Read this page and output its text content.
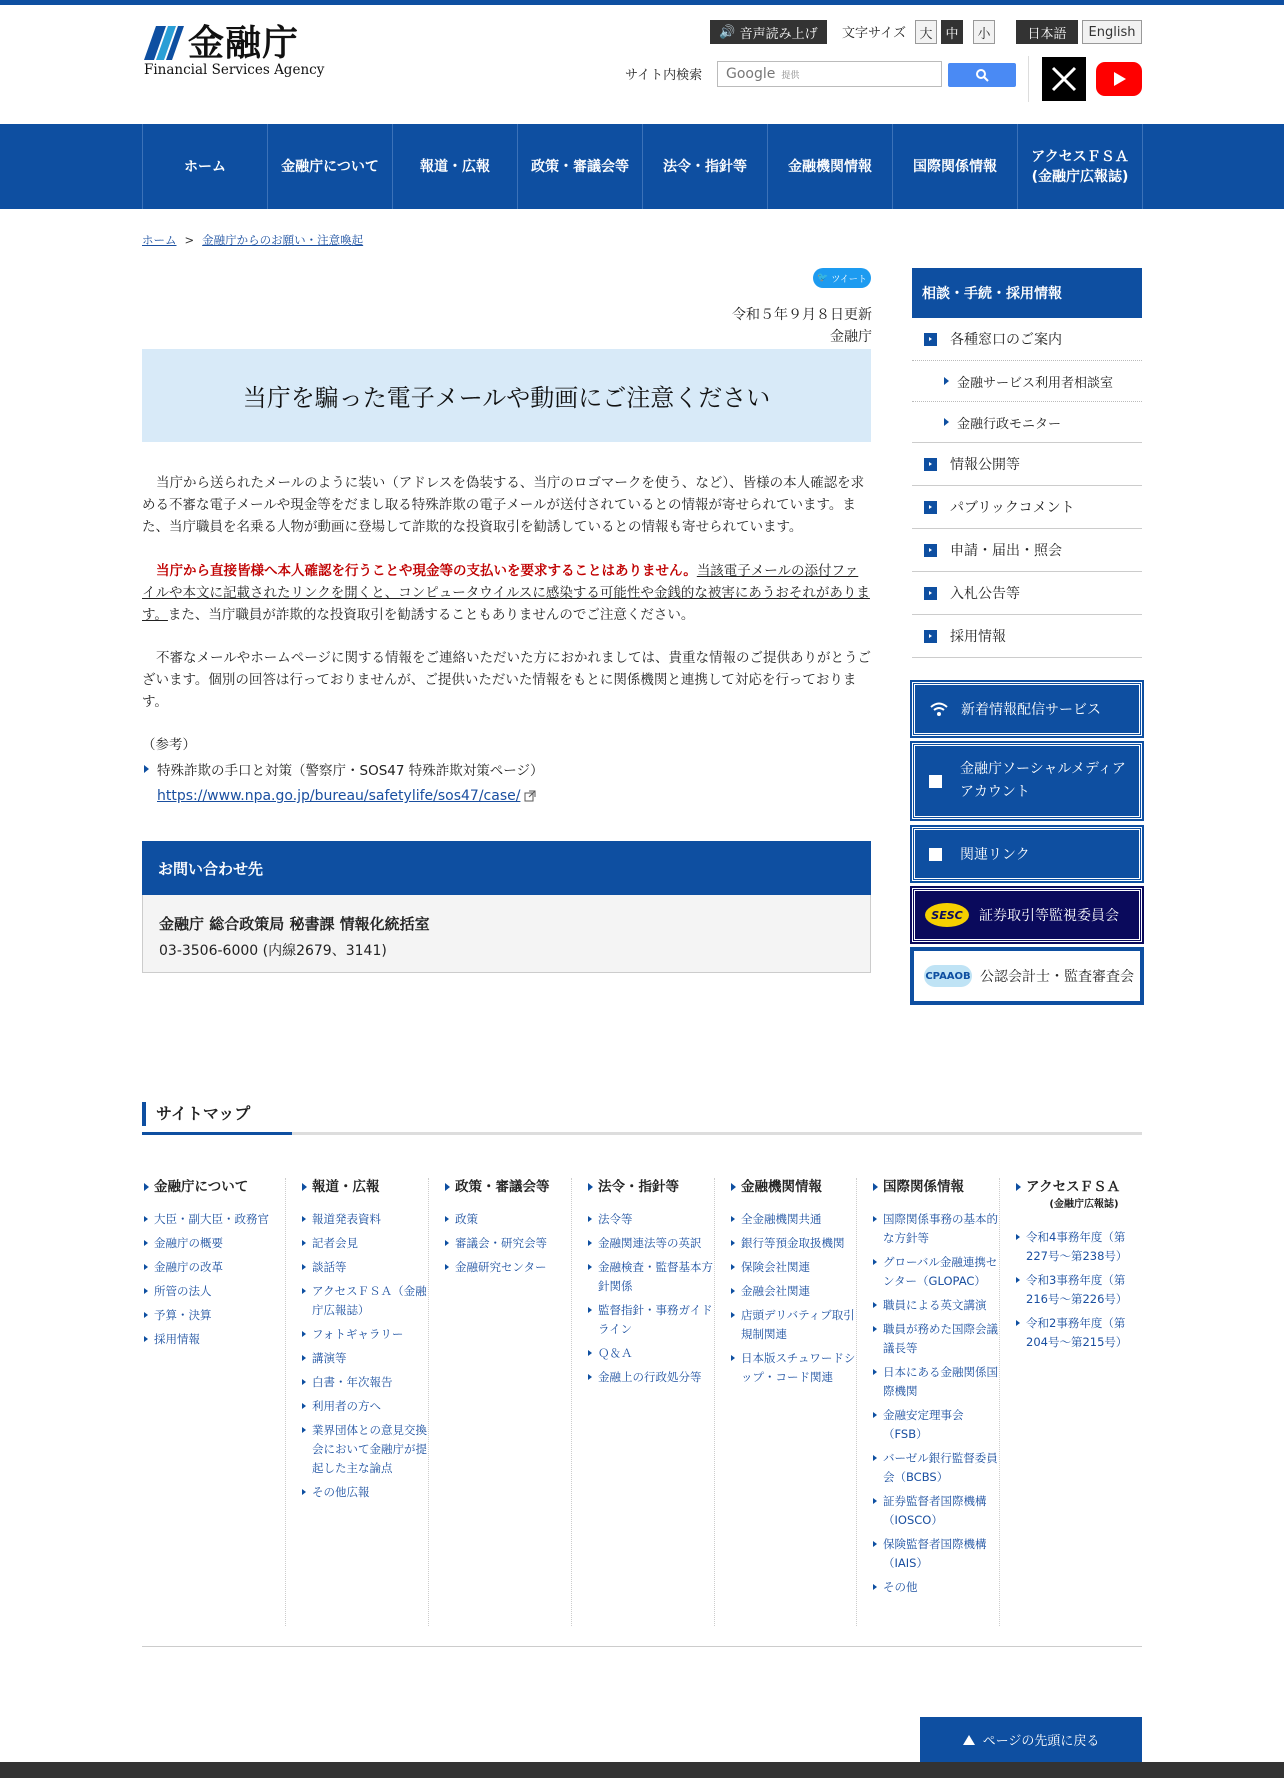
金融庁
Financial Services Agency
🔊 音声読み上げ 文字サイズ	大 中	小	日本語	English
サイト内検索 Google 提供
ホーム	金融庁について	報道・広報	政策・審議会等	法令・指針等	金融機関情報	国際関係情報
アクセスＦＳＡ
(金融庁広報誌)
ホーム > 金融庁からのお願い・注意喚起
🐦 ツイート
令和５年９月８日更新
金融庁
当庁を騙った電子メールや動画にご注意ください
当庁から送られたメールのように装い（アドレスを偽装する、当庁のロゴマークを使う、など）、皆様の本人確認を求める不審な電子メールや現金等をだまし取る特殊詐欺の電子メールが送付されているとの情報が寄せられています。また、当庁職員を名乗る人物が動画に登場して詐欺的な投資取引を勧誘しているとの情報も寄せられています。
当庁から直接皆様へ本人確認を行うことや現金等の支払いを要求することはありません。当該電子メールの添付ファイルや本文に記載されたリンクを開くと、コンピュータウイルスに感染する可能性や金銭的な被害にあうおそれがあります。また、当庁職員が詐欺的な投資取引を勧誘することもありませんのでご注意ください。
不審なメールやホームページに関する情報をご連絡いただいた方におかれましては、貴重な情報のご提供ありがとうございます。個別の回答は行っておりませんが、ご提供いただいた情報をもとに関係機関と連携して対応を行っております。
（参考）
特殊詐欺の手口と対策（警察庁・SOS47 特殊詐欺対策ページ）
https://www.npa.go.jp/bureau/safetylife/sos47/case/
お問い合わせ先
金融庁 総合政策局 秘書課 情報化統括室
03-3506-6000 (内線2679、3141)
相談・手続・採用情報
各種窓口のご案内
金融サービス利用者相談室
金融行政モニター
情報公開等
パブリックコメント
申請・届出・照会
入札公告等
採用情報
新着情報配信サービス
金融庁ソーシャルメディア
アカウント
関連リンク
SESC	証券取引等監視委員会
CPAAOB 公認会計士・監査審査会
サイトマップ
金融庁について
大臣・副大臣・政務官
金融庁の概要
金融庁の改革
所管の法人
予算・決算
採用情報
報道・広報
報道発表資料
記者会見
談話等
アクセスＦＳＡ（金融庁広報誌）
フォトギャラリー
講演等
白書・年次報告
利用者の方へ
業界団体との意見交換会において金融庁が提起した主な論点
その他広報
政策・審議会等
政策
審議会・研究会等
金融研究センター
法令・指針等
法令等
金融関連法等の英訳
金融検査・監督基本方針関係
監督指針・事務ガイドライン
Ｑ＆Ａ
金融上の行政処分等
金融機関情報
全金融機関共通
銀行等預金取扱機関
保険会社関連
金融会社関連
店頭デリバティブ取引規制関連
日本版スチュワードシップ・コード関連
国際関係情報
国際関係事務の基本的な方針等
グローバル金融連携センター（GLOPAC）
職員による英文講演
職員が務めた国際会議議長等
日本にある金融関係国際機関
金融安定理事会（FSB）
バーゼル銀行監督委員会（BCBS）
証券監督者国際機構（IOSCO）
保険監督者国際機構（IAIS）
その他
アクセスＦＳＡ
(金融庁広報誌)
令和4事務年度（第227号〜第238号）
令和3事務年度（第216号〜第226号）
令和2事務年度（第204号〜第215号）
ページの先頭に戻る
